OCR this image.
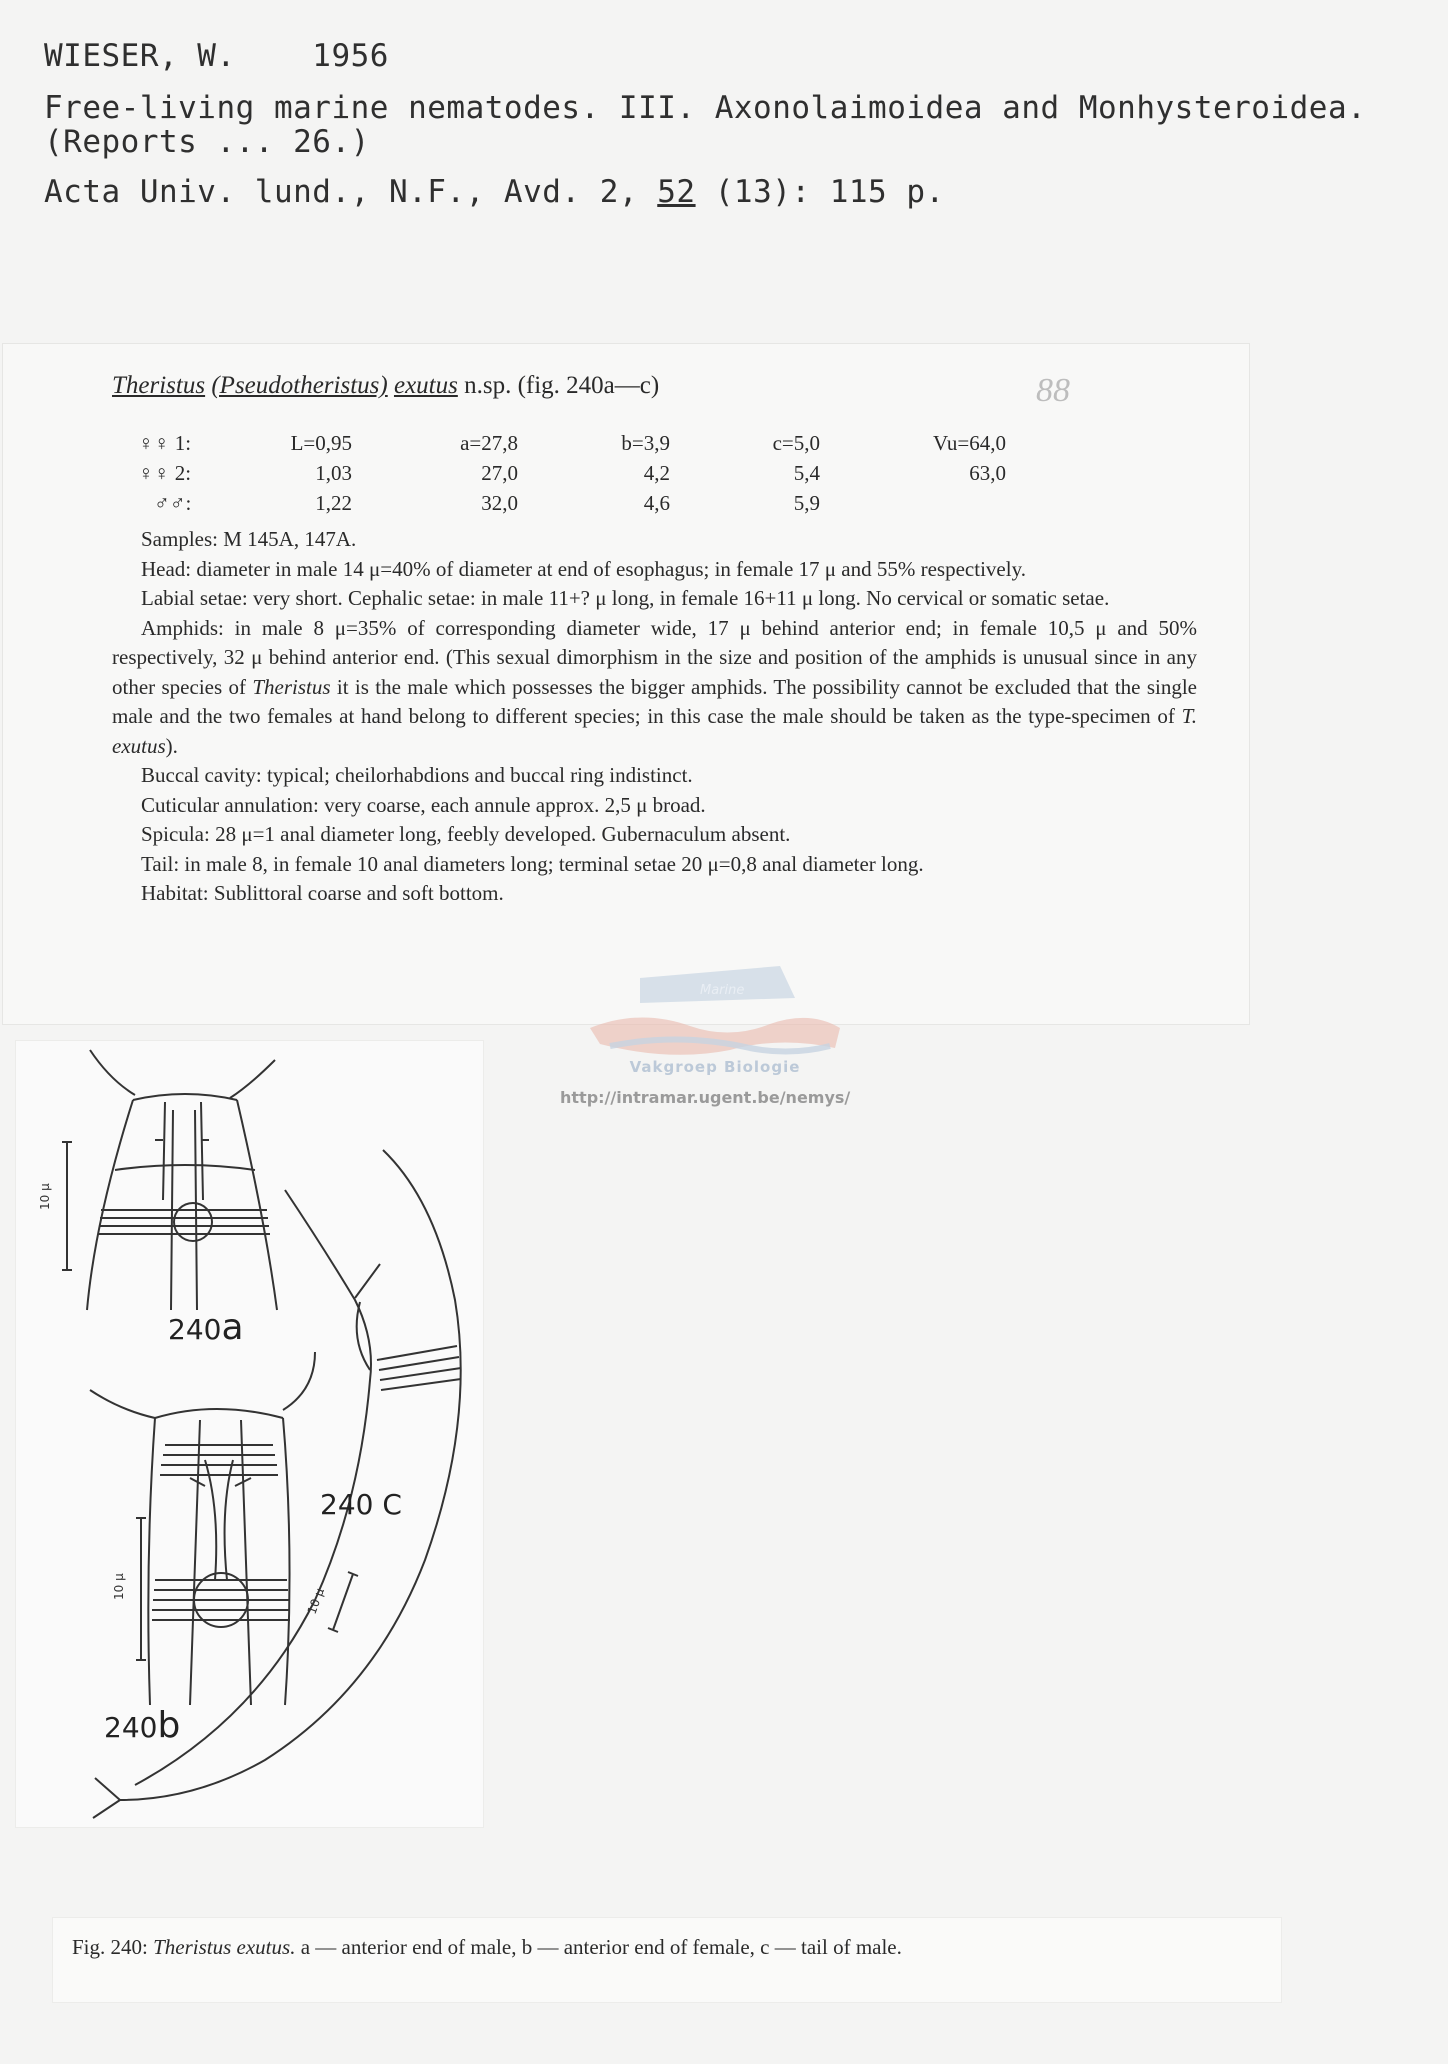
WIESER, W. 1956
Free-living marine nematodes. III. Axonolaimoidea and Monhysteroidea.
(Reports ... 26.)
Acta Univ. lund., N.F., Avd. 2, 52 (13): 115 p.
Theristus (Pseudotheristus) exutus n.sp. (fig. 240a—c)	88
♀♀ 1:	L=0,95	a=27,8	b=3,9	c=5,0	Vu=64,0
♀♀ 2:	1,03	27,0	4,2	5,4	63,0
♂♂:	1,22	32,0	4,6	5,9	

Samples: M 145A, 147A.

Head: diameter in male 14 μ=40% of diameter at end of esophagus; in female 17 μ and 55% respectively.

Labial setae: very short. Cephalic setae: in male 11+? μ long, in female 16+11 μ long. No cervical or somatic setae.

Amphids: in male 8 μ=35% of corresponding diameter wide, 17 μ behind anterior end; in female 10,5 μ and 50% respectively, 32 μ behind anterior end. (This sexual dimorphism in the size and position of the amphids is unusual since in any other species of Theristus it is the male which possesses the bigger amphids. The possibility cannot be excluded that the single male and the two females at hand belong to different species; in this case the male should be taken as the type-specimen of T. exutus).

Buccal cavity: typical; cheilorhabdions and buccal ring indistinct.

Cuticular annulation: very coarse, each annule approx. 2,5 μ broad.

Spicula: 28 μ=1 anal diameter long, feebly developed. Gubernaculum absent.

Tail: in male 8, in female 10 anal diameters long; terminal setae 20 μ=0,8 anal diameter long.

Habitat: Sublittoral coarse and soft bottom.

Marine
Vakgroep Biologie
http://intramar.ugent.be/nemys/
10 μ
10 μ
10 μ
240a
240 C
240b
Fig. 240: Theristus exutus. a — anterior end of male, b — anterior end of female, c — tail of male.
